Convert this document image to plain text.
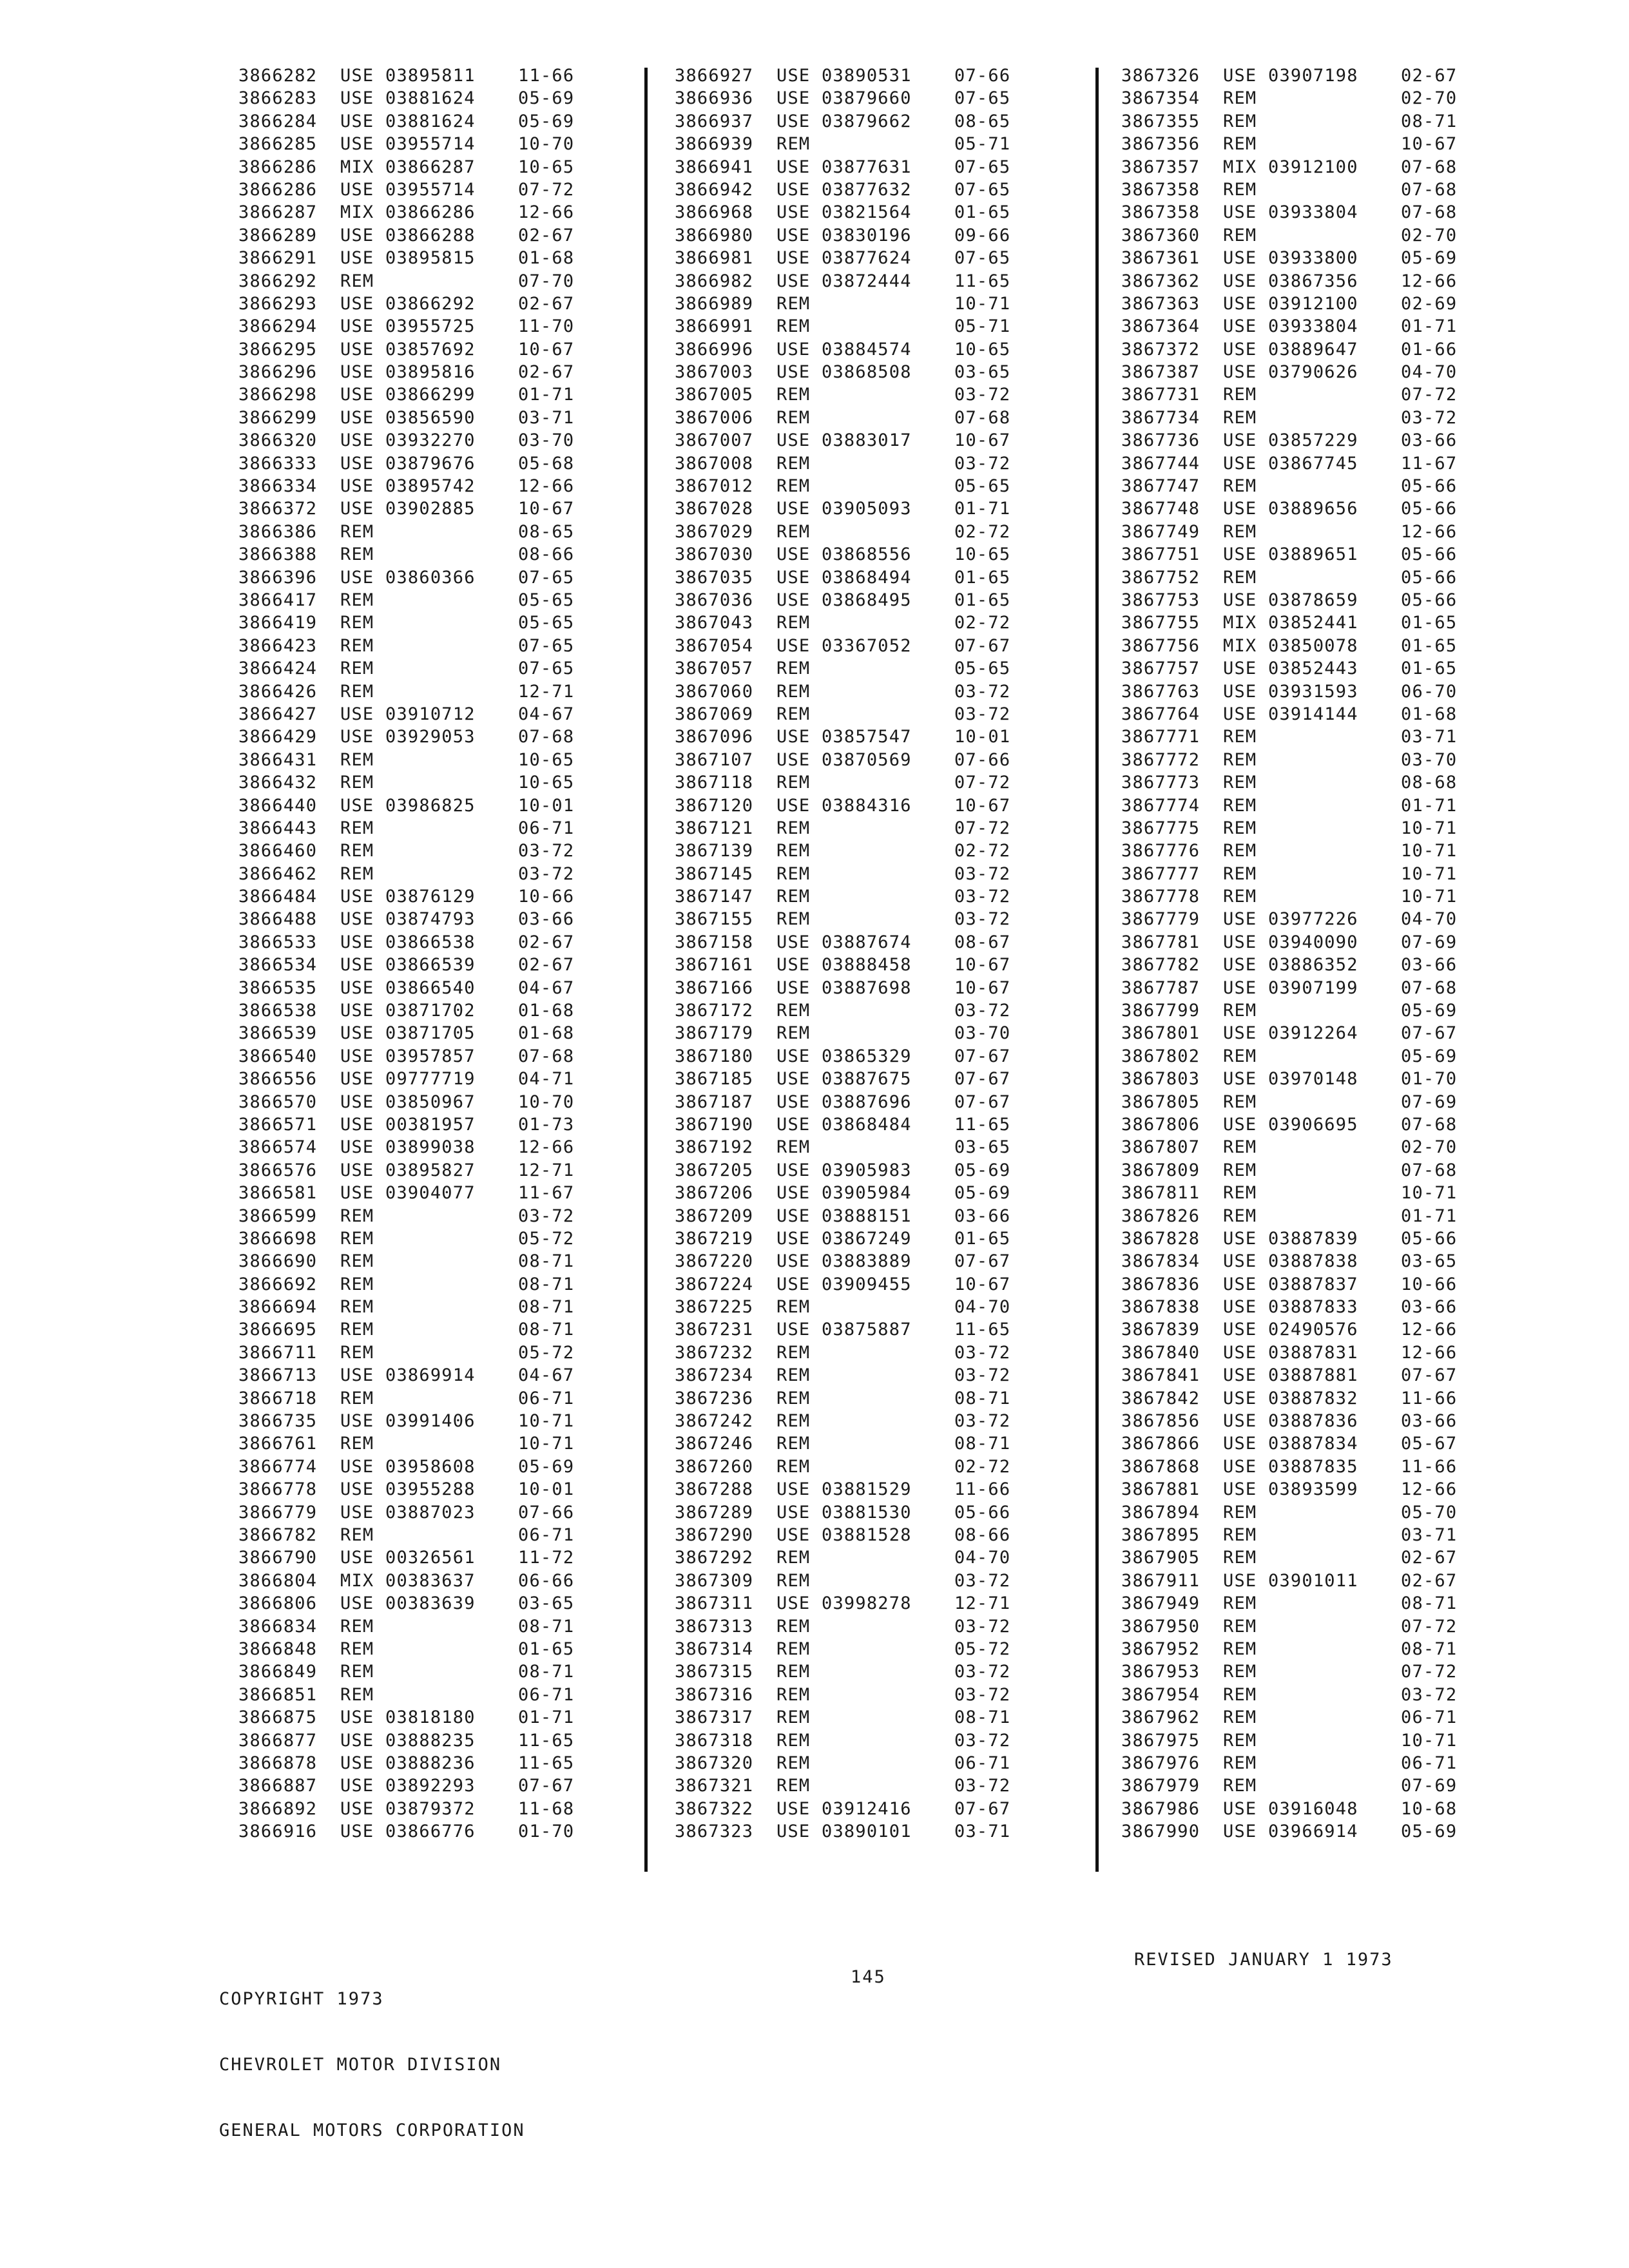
3866282 USE 03895811 11-66
3866283 USE 03881624 05-69
3866284 USE 03881624 05-69
3866285 USE 03955714 10-70
3866286 MIX 03866287 10-65
3866286 USE 03955714 07-72
3866287 MIX 03866286 12-66
3866289 USE 03866288 02-67
3866291 USE 03895815 01-68
3866292 REM	07-70
3866293 USE 03866292 02-67
3866294 USE 03955725 11-70
3866295 USE 03857692 10-67
3866296 USE 03895816 02-67
3866298 USE 03866299 01-71
3866299 USE 03856590 03-71
3866320 USE 03932270 03-70
3866333 USE 03879676 05-68
3866334 USE 03895742 12-66
3866372 USE 03902885 10-67
3866386 REM	08-65
3866388 REM	08-66
3866396 USE 03860366 07-65
3866417 REM	05-65
3866419 REM	05-65
3866423 REM	07-65
3866424 REM	07-65
3866426 REM	12-71
3866427 USE 03910712 04-67
3866429 USE 03929053 07-68
3866431 REM	10-65
3866432 REM	10-65
3866440 USE 03986825 10-01
3866443 REM	06-71
3866460 REM	03-72
3866462 REM	03-72
3866484 USE 03876129 10-66
3866488 USE 03874793 03-66
3866533 USE 03866538 02-67
3866534 USE 03866539 02-67
3866535 USE 03866540 04-67
3866538 USE 03871702 01-68
3866539 USE 03871705 01-68
3866540 USE 03957857 07-68
3866556 USE 09777719 04-71
3866570 USE 03850967 10-70
3866571 USE 00381957 01-73
3866574 USE 03899038 12-66
3866576 USE 03895827 12-71
3866581 USE 03904077 11-67
3866599 REM	03-72
3866698 REM	05-72
3866690 REM	08-71
3866692 REM	08-71
3866694 REM	08-71
3866695 REM	08-71
3866711 REM	05-72
3866713 USE 03869914 04-67
3866718 REM	06-71
3866735 USE 03991406 10-71
3866761 REM	10-71
3866774 USE 03958608 05-69
3866778 USE 03955288 10-01
3866779 USE 03887023 07-66
3866782 REM	06-71
3866790 USE 00326561 11-72
3866804 MIX 00383637 06-66
3866806 USE 00383639 03-65
3866834 REM	08-71
3866848 REM	01-65
3866849 REM	08-71
3866851 REM	06-71
3866875 USE 03818180 01-71
3866877 USE 03888235 11-65
3866878 USE 03888236 11-65
3866887 USE 03892293 07-67
3866892 USE 03879372 11-68
3866916 USE 03866776 01-70
3866927 USE 03890531 07-66
3866936 USE 03879660 07-65
3866937 USE 03879662 08-65
3866939 REM	05-71
3866941 USE 03877631 07-65
3866942 USE 03877632 07-65
3866968 USE 03821564 01-65
3866980 USE 03830196 09-66
3866981 USE 03877624 07-65
3866982 USE 03872444 11-65
3866989 REM	10-71
3866991 REM	05-71
3866996 USE 03884574 10-65
3867003 USE 03868508 03-65
3867005 REM	03-72
3867006 REM	07-68
3867007 USE 03883017 10-67
3867008 REM	03-72
3867012 REM	05-65
3867028 USE 03905093 01-71
3867029 REM	02-72
3867030 USE 03868556 10-65
3867035 USE 03868494 01-65
3867036 USE 03868495 01-65
3867043 REM	02-72
3867054 USE 03367052 07-67
3867057 REM	05-65
3867060 REM	03-72
3867069 REM	03-72
3867096 USE 03857547 10-01
3867107 USE 03870569 07-66
3867118 REM	07-72
3867120 USE 03884316 10-67
3867121 REM	07-72
3867139 REM	02-72
3867145 REM	03-72
3867147 REM	03-72
3867155 REM	03-72
3867158 USE 03887674 08-67
3867161 USE 03888458 10-67
3867166 USE 03887698 10-67
3867172 REM	03-72
3867179 REM	03-70
3867180 USE 03865329 07-67
3867185 USE 03887675 07-67
3867187 USE 03887696 07-67
3867190 USE 03868484 11-65
3867192 REM	03-65
3867205 USE 03905983 05-69
3867206 USE 03905984 05-69
3867209 USE 03888151 03-66
3867219 USE 03867249 01-65
3867220 USE 03883889 07-67
3867224 USE 03909455 10-67
3867225 REM	04-70
3867231 USE 03875887 11-65
3867232 REM	03-72
3867234 REM	03-72
3867236 REM	08-71
3867242 REM	03-72
3867246 REM	08-71
3867260 REM	02-72
3867288 USE 03881529 11-66
3867289 USE 03881530 05-66
3867290 USE 03881528 08-66
3867292 REM	04-70
3867309 REM	03-72
3867311 USE 03998278 12-71
3867313 REM	03-72
3867314 REM	05-72
3867315 REM	03-72
3867316 REM	03-72
3867317 REM	08-71
3867318 REM	03-72
3867320 REM	06-71
3867321 REM	03-72
3867322 USE 03912416 07-67
3867323 USE 03890101 03-71
3867326 USE 03907198 02-67
3867354 REM	02-70
3867355 REM	08-71
3867356 REM	10-67
3867357 MIX 03912100 07-68
3867358 REM	07-68
3867358 USE 03933804 07-68
3867360 REM	02-70
3867361 USE 03933800 05-69
3867362 USE 03867356 12-66
3867363 USE 03912100 02-69
3867364 USE 03933804 01-71
3867372 USE 03889647 01-66
3867387 USE 03790626 04-70
3867731 REM	07-72
3867734 REM	03-72
3867736 USE 03857229 03-66
3867744 USE 03867745 11-67
3867747 REM	05-66
3867748 USE 03889656 05-66
3867749 REM	12-66
3867751 USE 03889651 05-66
3867752 REM	05-66
3867753 USE 03878659 05-66
3867755 MIX 03852441 01-65
3867756 MIX 03850078 01-65
3867757 USE 03852443 01-65
3867763 USE 03931593 06-70
3867764 USE 03914144 01-68
3867771 REM	03-71
3867772 REM	03-70
3867773 REM	08-68
3867774 REM	01-71
3867775 REM	10-71
3867776 REM	10-71
3867777 REM	10-71
3867778 REM	10-71
3867779 USE 03977226 04-70
3867781 USE 03940090 07-69
3867782 USE 03886352 03-66
3867787 USE 03907199 07-68
3867799 REM	05-69
3867801 USE 03912264 07-67
3867802 REM	05-69
3867803 USE 03970148 01-70
3867805 REM	07-69
3867806 USE 03906695 07-68
3867807 REM	02-70
3867809 REM	07-68
3867811 REM	10-71
3867826 REM	01-71
3867828 USE 03887839 05-66
3867834 USE 03887838 03-65
3867836 USE 03887837 10-66
3867838 USE 03887833 03-66
3867839 USE 02490576 12-66
3867840 USE 03887831 12-66
3867841 USE 03887881 07-67
3867842 USE 03887832 11-66
3867856 USE 03887836 03-66
3867866 USE 03887834 05-67
3867868 USE 03887835 11-66
3867881 USE 03893599 12-66
3867894 REM	05-70
3867895 REM	03-71
3867905 REM	02-67
3867911 USE 03901011 02-67
3867949 REM	08-71
3867950 REM	07-72
3867952 REM	08-71
3867953 REM	07-72
3867954 REM	03-72
3867962 REM	06-71
3867975 REM	10-71
3867976 REM	06-71
3867979 REM	07-69
3867986 USE 03916048 10-68
3867990 USE 03966914 05-69

COPYRIGHT 1973

CHEVROLET MOTOR DIVISION

GENERAL MOTORS CORPORATION

145
REVISED JANUARY 1 1973
